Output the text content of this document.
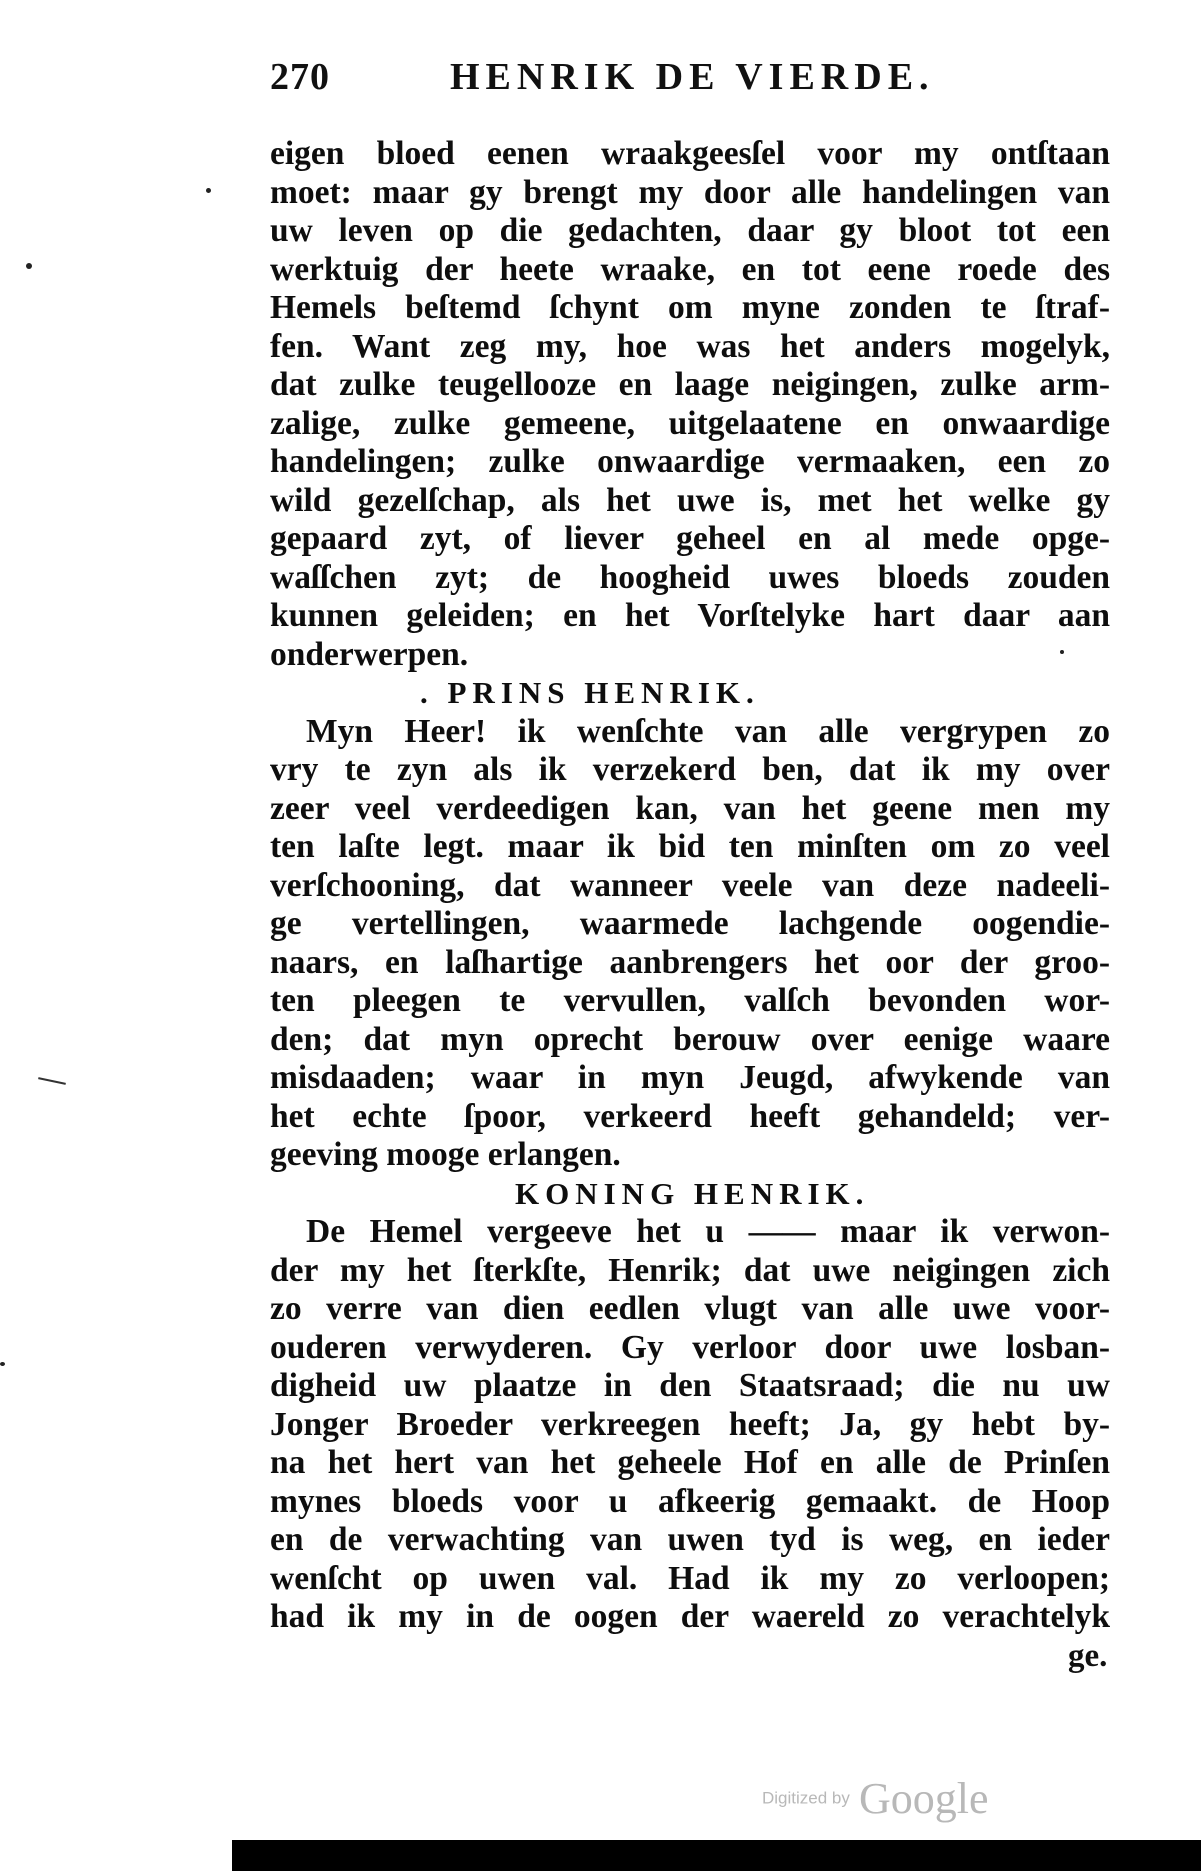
270	HENRIK DE VIERDE.
eigen bloed eenen wraakgeesſel voor my ontſtaan
moet: maar gy brengt my door alle handelingen van
uw leven op die gedachten, daar gy bloot tot een
werktuig der heete wraake, en tot eene roede des
Hemels beſtemd ſchynt om myne zonden te ſtraf-
fen. Want zeg my, hoe was het anders mogelyk,
dat zulke teugellooze en laage neigingen, zulke arm-
zalige, zulke gemeene, uitgelaatene en onwaardige
handelingen; zulke onwaardige vermaaken, een zo
wild gezelſchap, als het uwe is, met het welke gy
gepaard zyt, of liever geheel en al mede opge-
waſſchen zyt; de hoogheid uwes bloeds zouden
kunnen geleiden; en het Vorſtelyke hart daar aan
onderwerpen.
. PRINS HENRIK.
Myn Heer! ik wenſchte van alle vergrypen zo
vry te zyn als ik verzekerd ben, dat ik my over
zeer veel verdeedigen kan, van het geene men my
ten laſte legt. maar ik bid ten minſten om zo veel
verſchooning, dat wanneer veele van deze nadeeli-
ge vertellingen, waarmede lachgende oogendie-
naars, en laſhartige aanbrengers het oor der groo-
ten pleegen te vervullen, valſch bevonden wor-
den; dat myn oprecht berouw over eenige waare
misdaaden; waar in myn Jeugd, afwykende van
het echte ſpoor, verkeerd heeft gehandeld; ver-
geeving mooge erlangen.
KONING HENRIK.
De Hemel vergeeve het u —— maar ik verwon-
der my het ſterkſte, Henrik; dat uwe neigingen zich
zo verre van dien eedlen vlugt van alle uwe voor-
ouderen verwyderen. Gy verloor door uwe losban-
digheid uw plaatze in den Staatsraad; die nu uw
Jonger Broeder verkreegen heeft; Ja, gy hebt by-
na het hert van het geheele Hof en alle de Prinſen
mynes bloeds voor u afkeerig gemaakt. de Hoop
en de verwachting van uwen tyd is weg, en ieder
wenſcht op uwen val. Had ik my zo verloopen;
had ik my in de oogen der waereld zo verachtelyk
ge.
Digitized by Google
